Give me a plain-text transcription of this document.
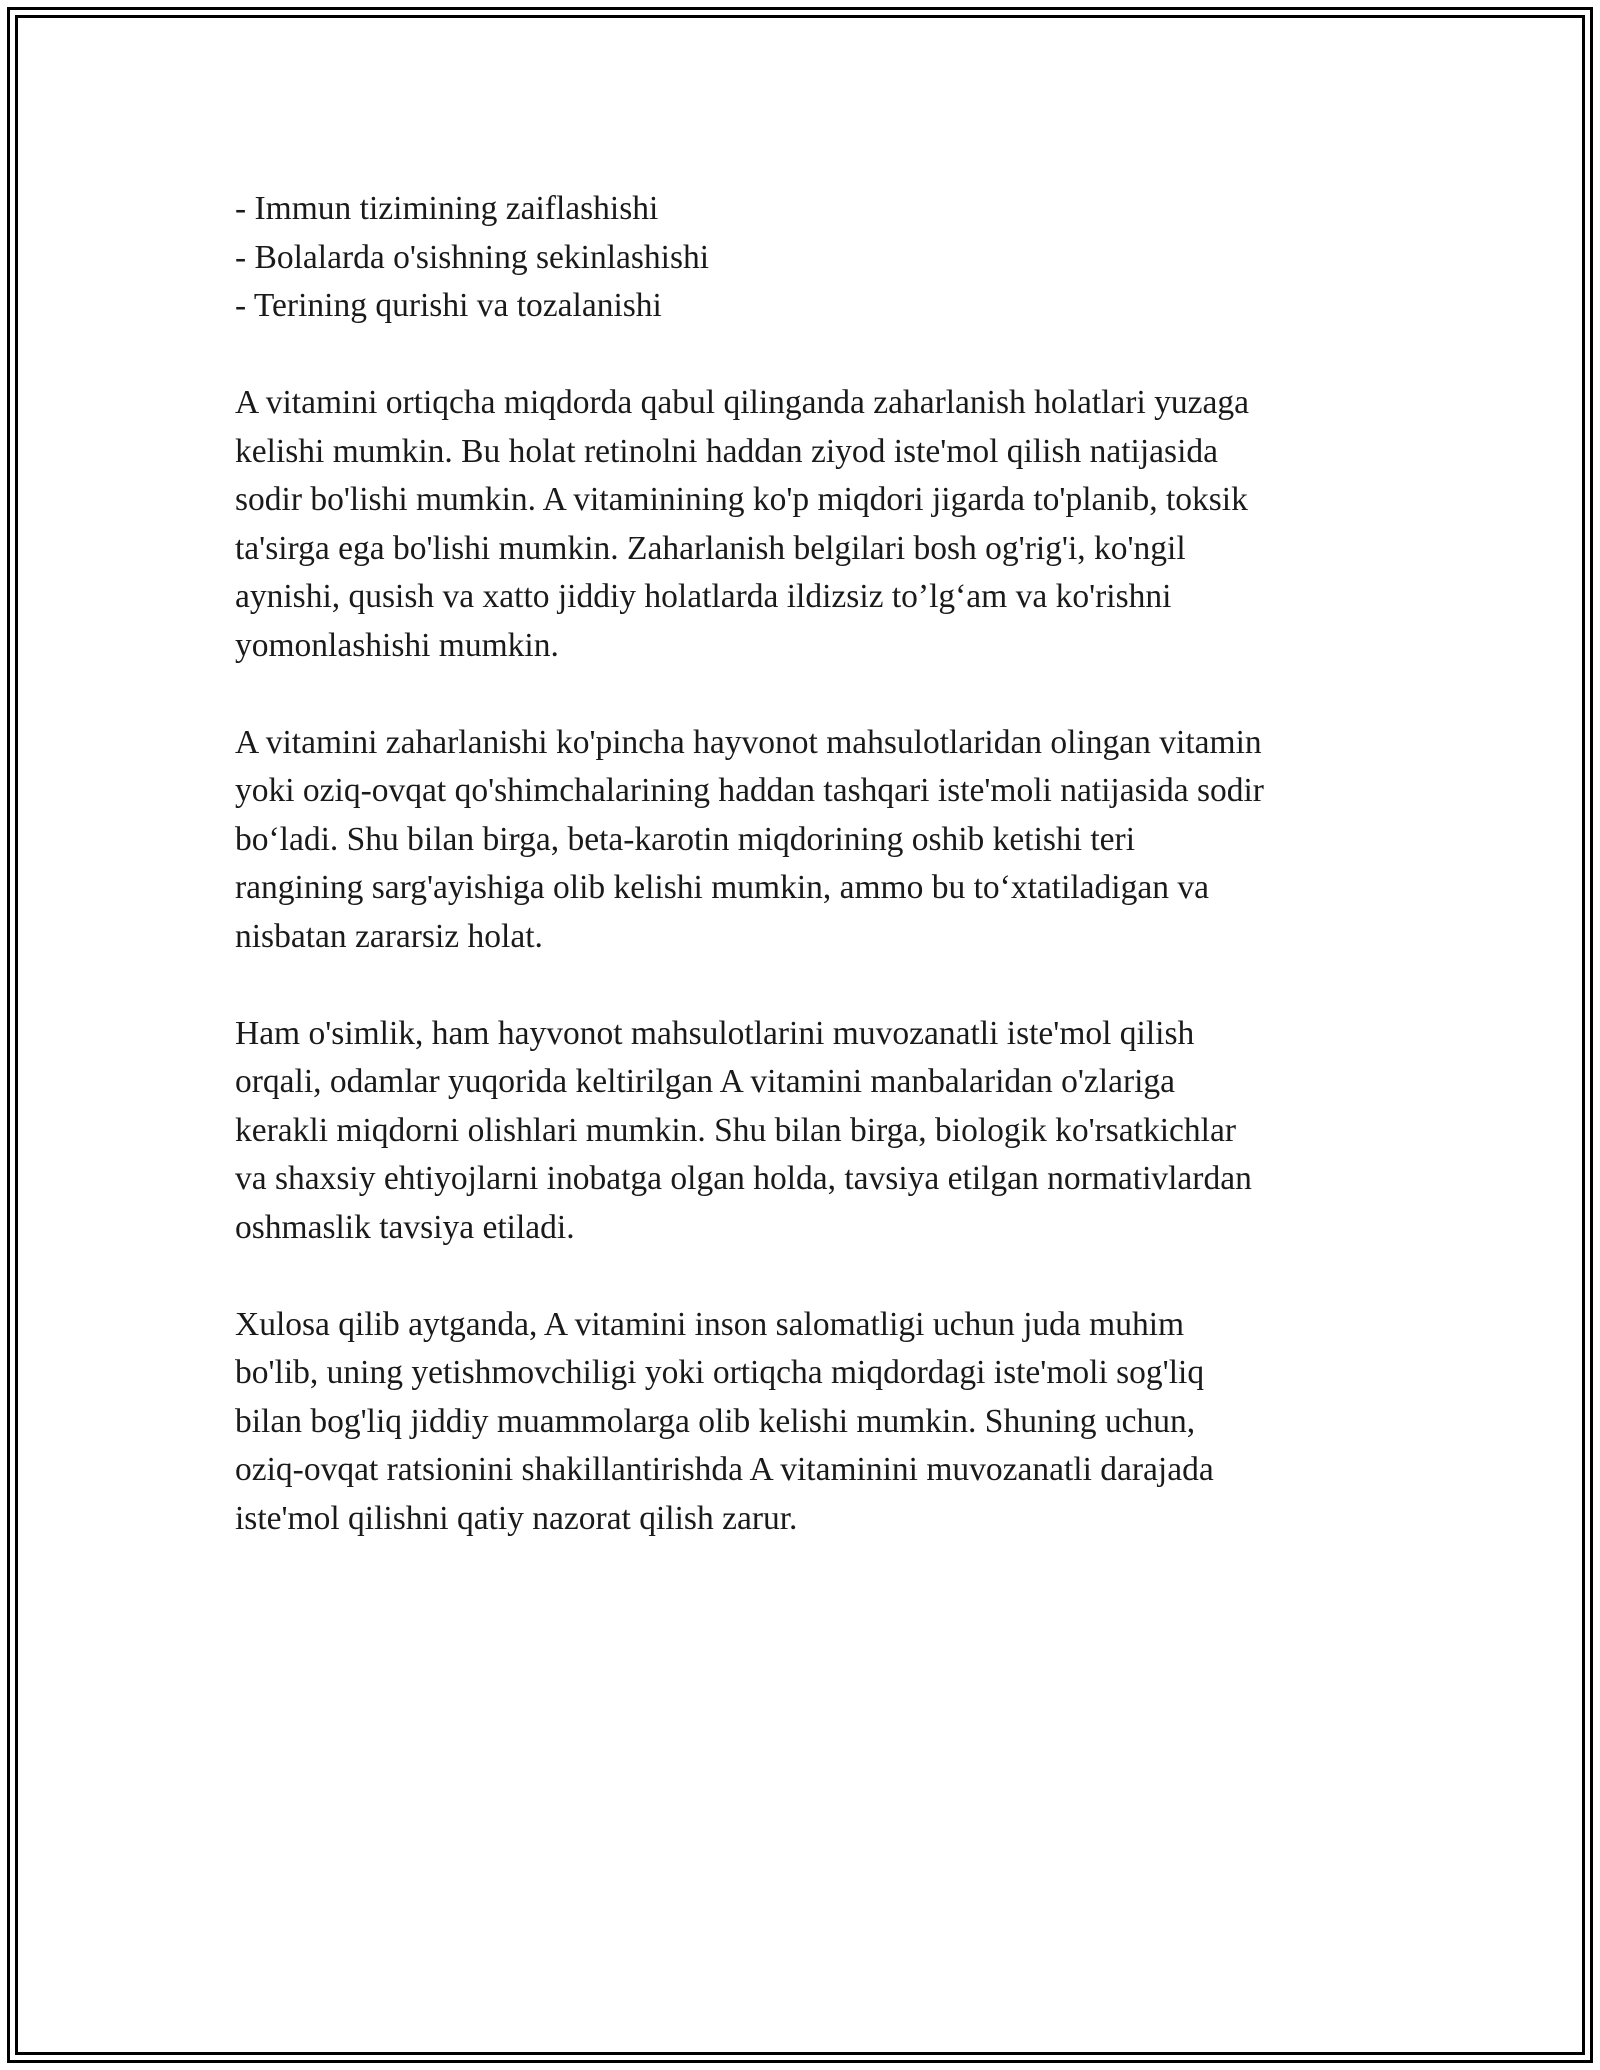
- Immun tizimining zaiflashishi
- Bolalarda o'sishning sekinlashishi
- Terining qurishi va tozalanishi

A vitamini ortiqcha miqdorda qabul qilinganda zaharlanish holatlari yuzaga
kelishi mumkin. Bu holat retinolni haddan ziyod iste'mol qilish natijasida
sodir bo'lishi mumkin. A vitaminining ko'p miqdori jigarda to'planib, toksik
ta'sirga ega bo'lishi mumkin. Zaharlanish belgilari bosh og'rig'i, ko'ngil
aynishi, qusish va xatto jiddiy holatlarda ildizsiz to’lg‘am va ko'rishni
yomonlashishi mumkin.

A vitamini zaharlanishi ko'pincha hayvonot mahsulotlaridan olingan vitamin
yoki oziq-ovqat qo'shimchalarining haddan tashqari iste'moli natijasida sodir
bo‘ladi. Shu bilan birga, beta-karotin miqdorining oshib ketishi teri
rangining sarg'ayishiga olib kelishi mumkin, ammo bu to‘xtatiladigan va
nisbatan zararsiz holat.

Ham o'simlik, ham hayvonot mahsulotlarini muvozanatli iste'mol qilish
orqali, odamlar yuqorida keltirilgan A vitamini manbalaridan o'zlariga
kerakli miqdorni olishlari mumkin. Shu bilan birga, biologik ko'rsatkichlar
va shaxsiy ehtiyojlarni inobatga olgan holda, tavsiya etilgan normativlardan
oshmaslik tavsiya etiladi.

Xulosa qilib aytganda, A vitamini inson salomatligi uchun juda muhim
bo'lib, uning yetishmovchiligi yoki ortiqcha miqdordagi iste'moli sog'liq
bilan bog'liq jiddiy muammolarga olib kelishi mumkin. Shuning uchun,
oziq-ovqat ratsionini shakillantirishda A vitaminini muvozanatli darajada
iste'mol qilishni qatiy nazorat qilish zarur.
